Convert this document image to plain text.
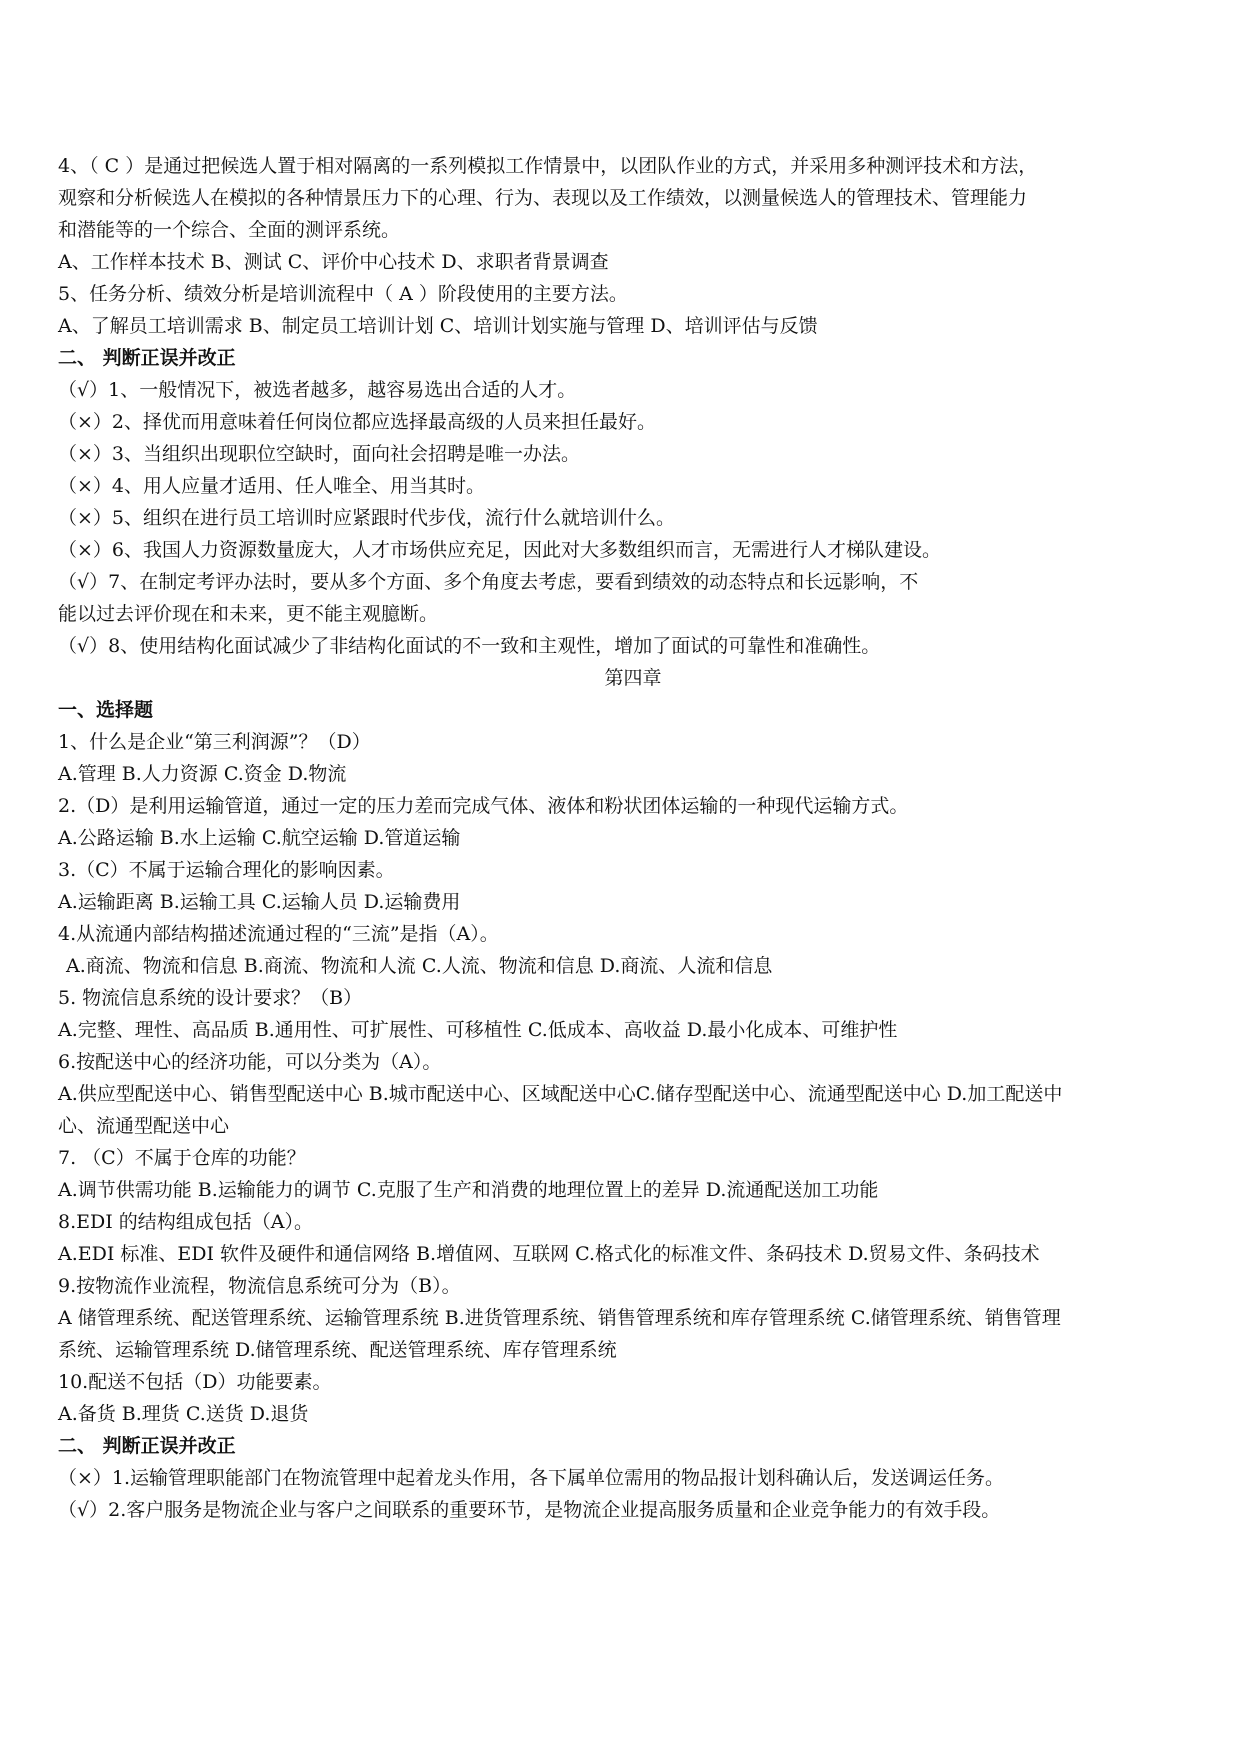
4、（ C ）是通过把候选人置于相对隔离的一系列模拟工作情景中，以团队作业的方式，并采用多种测评技术和方法，
观察和分析候选人在模拟的各种情景压力下的心理、行为、表现以及工作绩效，以测量候选人的管理技术、管理能力
和潜能等的一个综合、全面的测评系统。
A、工作样本技术 B、测试 C、评价中心技术 D、求职者背景调查
5、任务分析、绩效分析是培训流程中（ A ）阶段使用的主要方法。
A、了解员工培训需求 B、制定员工培训计划 C、培训计划实施与管理 D、培训评估与反馈
二、 判断正误并改正
（√）1、一般情况下，被选者越多，越容易选出合适的人才。
（×）2、择优而用意味着任何岗位都应选择最高级的人员来担任最好。
（×）3、当组织出现职位空缺时，面向社会招聘是唯一办法。
（×）4、用人应量才适用、任人唯全、用当其时。
（×）5、组织在进行员工培训时应紧跟时代步伐，流行什么就培训什么。
（×）6、我国人力资源数量庞大，人才市场供应充足，因此对大多数组织而言，无需进行人才梯队建设。
（√）7、在制定考评办法时，要从多个方面、多个角度去考虑，要看到绩效的动态特点和长远影响，不
能以过去评价现在和未来，更不能主观臆断。
（√）8、使用结构化面试减少了非结构化面试的不一致和主观性，增加了面试的可靠性和准确性。
第四章
一、选择题
1、什么是企业“第三利润源”？（D）
A.管理 B.人力资源 C.资金 D.物流
2.（D）是利用运输管道，通过一定的压力差而完成气体、液体和粉状团体运输的一种现代运输方式。
A.公路运输 B.水上运输 C.航空运输 D.管道运输
3.（C）不属于运输合理化的影响因素。
A.运输距离 B.运输工具 C.运输人员 D.运输费用
4.从流通内部结构描述流通过程的“三流”是指（A）。
A.商流、物流和信息 B.商流、物流和人流 C.人流、物流和信息 D.商流、人流和信息
5. 物流信息系统的设计要求？（B）
A.完整、理性、高品质 B.通用性、可扩展性、可移植性 C.低成本、高收益 D.最小化成本、可维护性
6.按配送中心的经济功能，可以分类为（A）。
A.供应型配送中心、销售型配送中心 B.城市配送中心、区域配送中心C.储存型配送中心、流通型配送中心 D.加工配送中
心、流通型配送中心
7. （C）不属于仓库的功能？
A.调节供需功能 B.运输能力的调节 C.克服了生产和消费的地理位置上的差异 D.流通配送加工功能
8.EDI 的结构组成包括（A）。
A.EDI 标准、EDI 软件及硬件和通信网络 B.增值网、互联网 C.格式化的标准文件、条码技术 D.贸易文件、条码技术
9.按物流作业流程，物流信息系统可分为（B）。
A 储管理系统、配送管理系统、运输管理系统 B.进货管理系统、销售管理系统和库存管理系统 C.储管理系统、销售管理
系统、运输管理系统 D.储管理系统、配送管理系统、库存管理系统
10.配送不包括（D）功能要素。
A.备货 B.理货 C.送货 D.退货
二、 判断正误并改正
（×）1.运输管理职能部门在物流管理中起着龙头作用，各下属单位需用的物品报计划科确认后，发送调运任务。
（√）2.客户服务是物流企业与客户之间联系的重要环节，是物流企业提高服务质量和企业竞争能力的有效手段。
